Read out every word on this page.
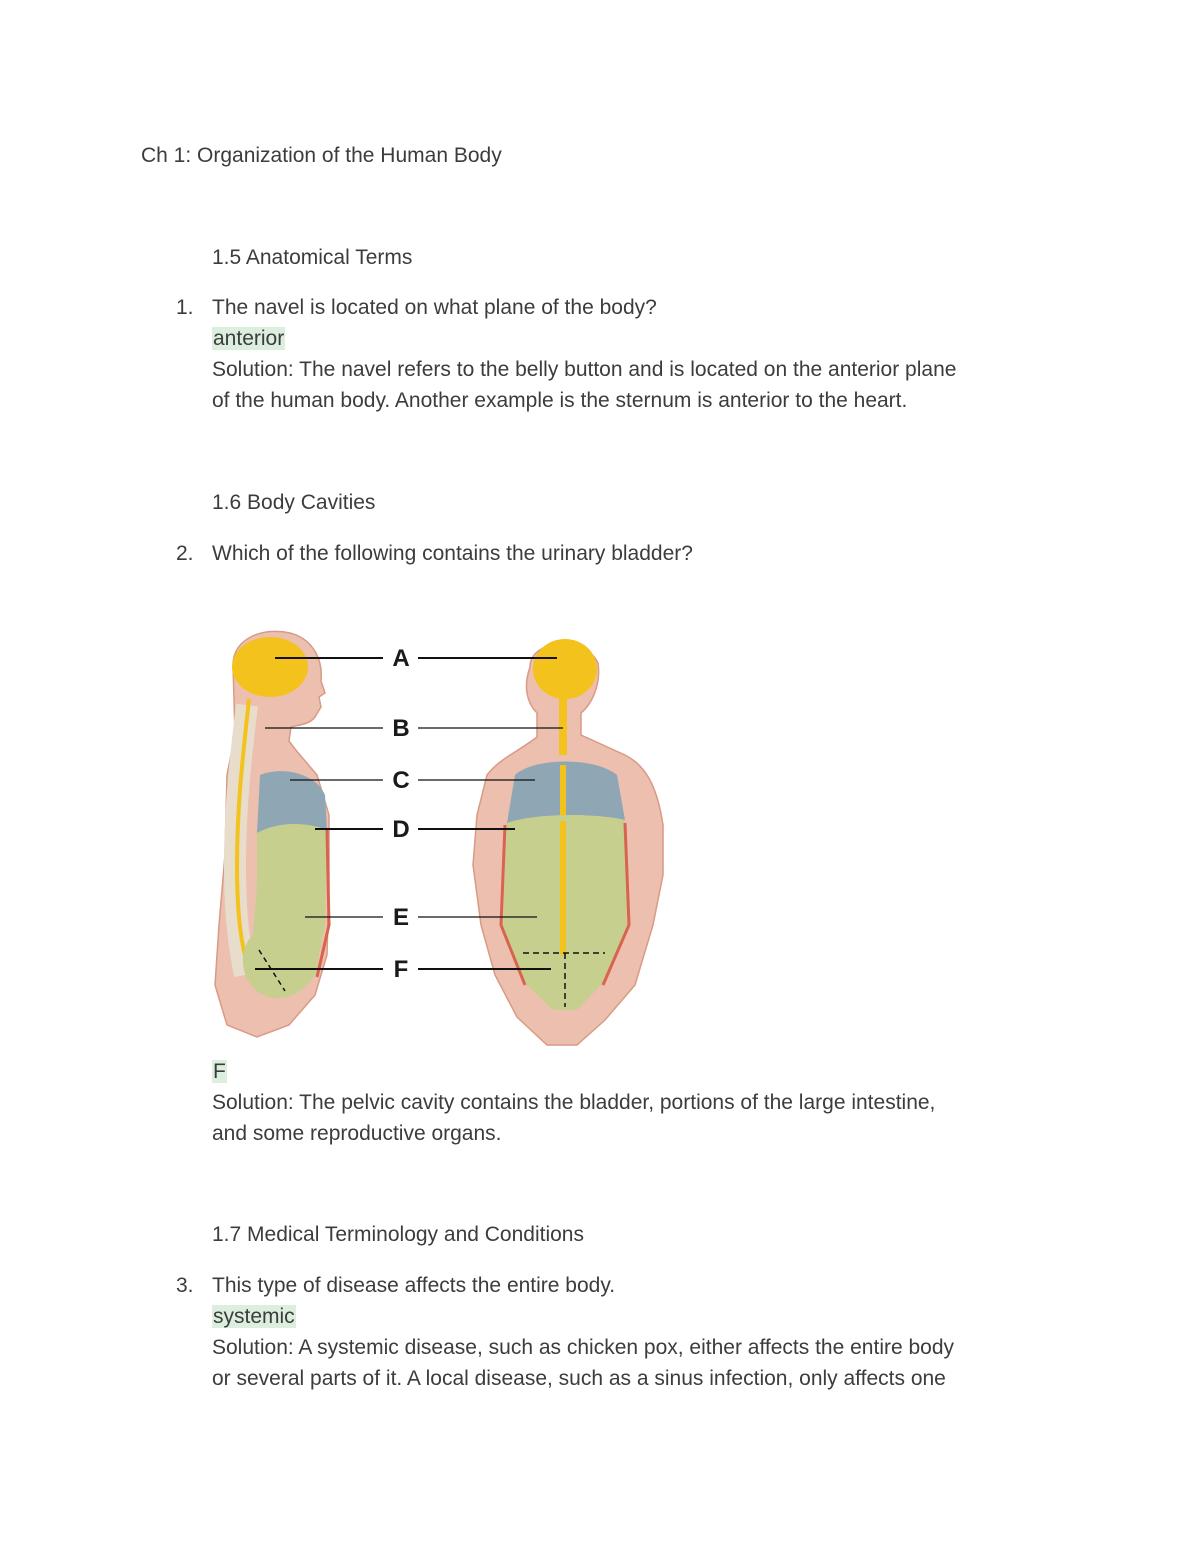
Ch 1: Organization of the Human Body
1.5 Anatomical Terms
1. The navel is located on what plane of the body?
anterior
Solution: The navel refers to the belly button and is located on the anterior plane
of the human body. Another example is the sternum is anterior to the heart.
1.6 Body Cavities
2. Which of the following contains the urinary bladder?
A
B
C
D
E
F
F
Solution: The pelvic cavity contains the bladder, portions of the large intestine,
and some reproductive organs.
1.7 Medical Terminology and Conditions
3. This type of disease affects the entire body.
systemic
Solution: A systemic disease, such as chicken pox, either affects the entire body
or several parts of it. A local disease, such as a sinus infection, only affects one
